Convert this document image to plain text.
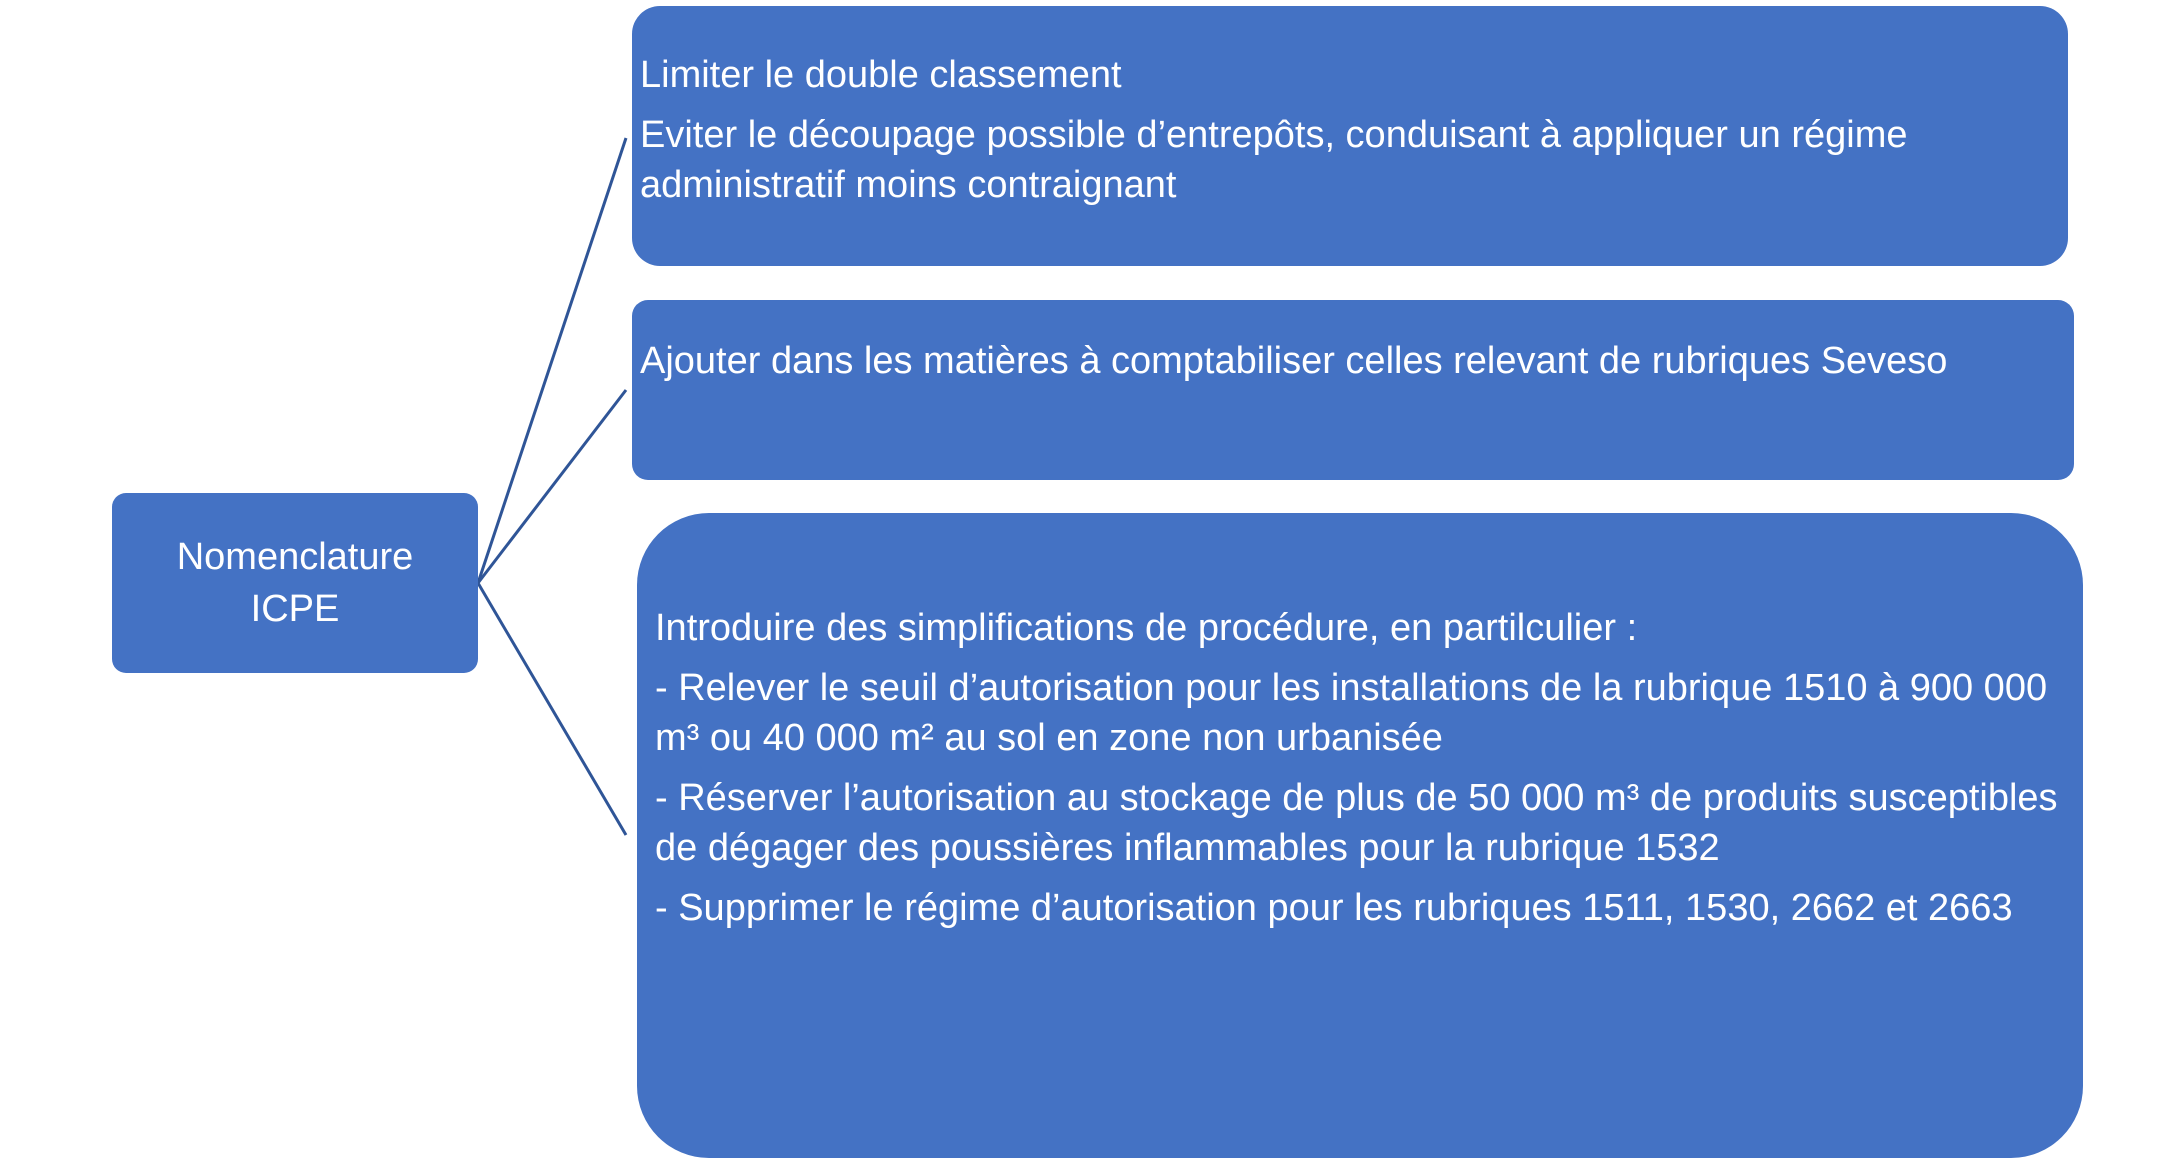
Nomenclature
ICPE

Limiter le double classement

Eviter le découpage possible d’entrepôts, conduisant à appliquer un régime administratif moins contraignant

Ajouter dans les matières à comptabiliser celles relevant de rubriques Seveso

Introduire des simplifications de procédure, en partilculier :

- Relever le seuil d’autorisation pour les installations de la rubrique 1510 à 900 000 m³ ou 40 000 m² au sol en zone non urbanisée

- Réserver l’autorisation au stockage de plus de 50 000 m³ de produits susceptibles de dégager des poussières inflammables pour la rubrique 1532

- Supprimer le régime d’autorisation pour les rubriques 1511, 1530, 2662 et 2663
